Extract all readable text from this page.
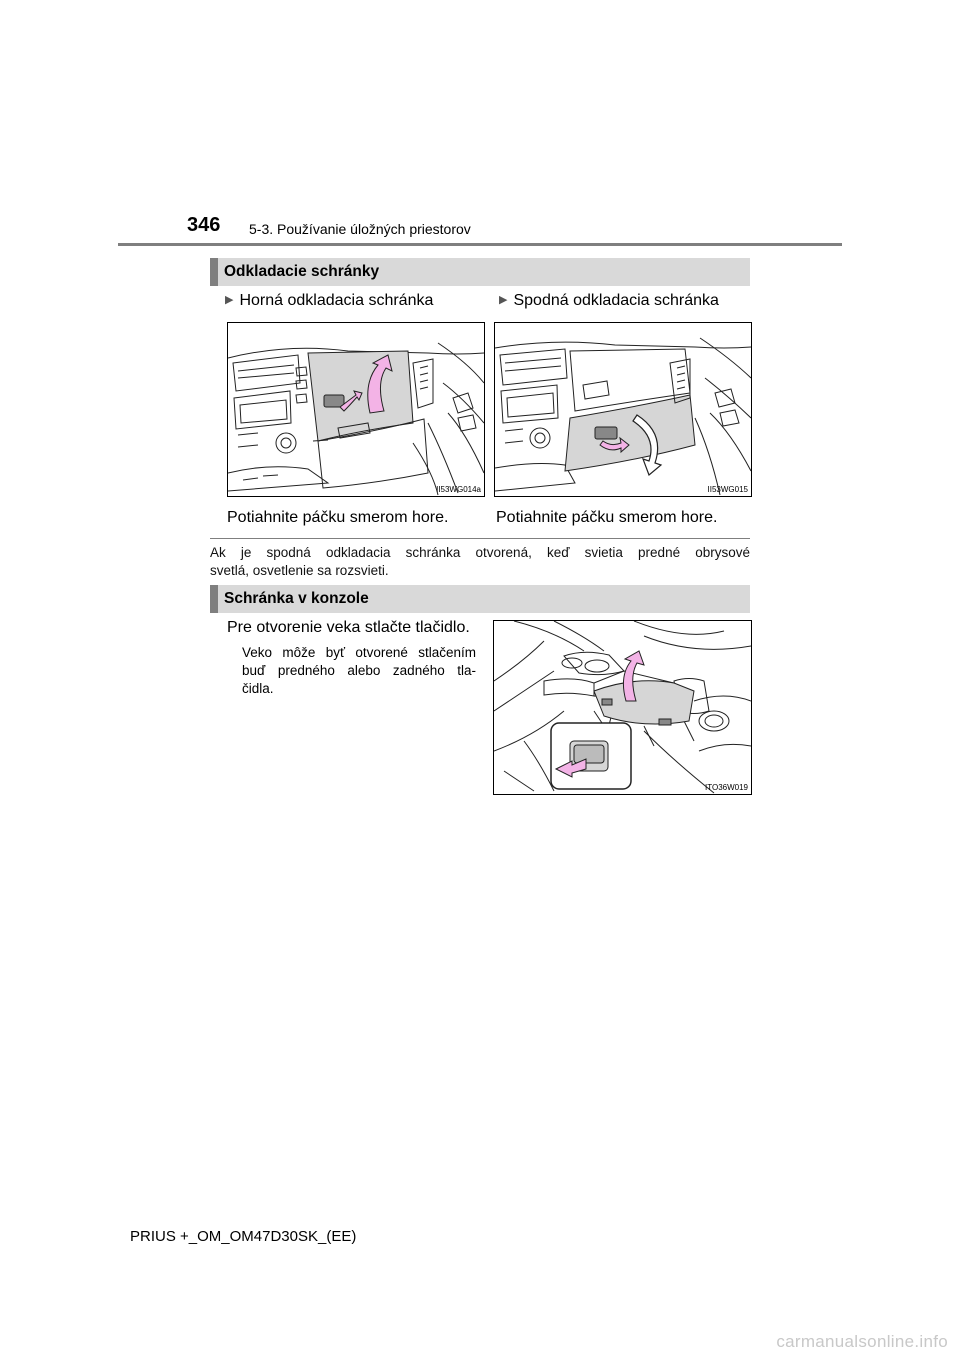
346 5-3. Používanie úložných priestorov
Odkladacie schránky
▶ Horná odkladacia schránka	▶ Spodná odkladacia schránka
II53WG014a	II53WG015
Potiahnite páčku smerom hore.	Potiahnite páčku smerom hore.
Ak je spodná odkladacia schránka otvorená, keď svietia predné obrysové
svetlá, osvetlenie sa rozsvieti.
Schránka v konzole
Pre otvorenie veka stlačte tlačidlo.
Veko môže byť otvorené stlačením
buď predného alebo zadného tla-
čidla.
ITO36W019
PRIUS +_OM_OM47D30SK_(EE)
carmanualsonline.info
